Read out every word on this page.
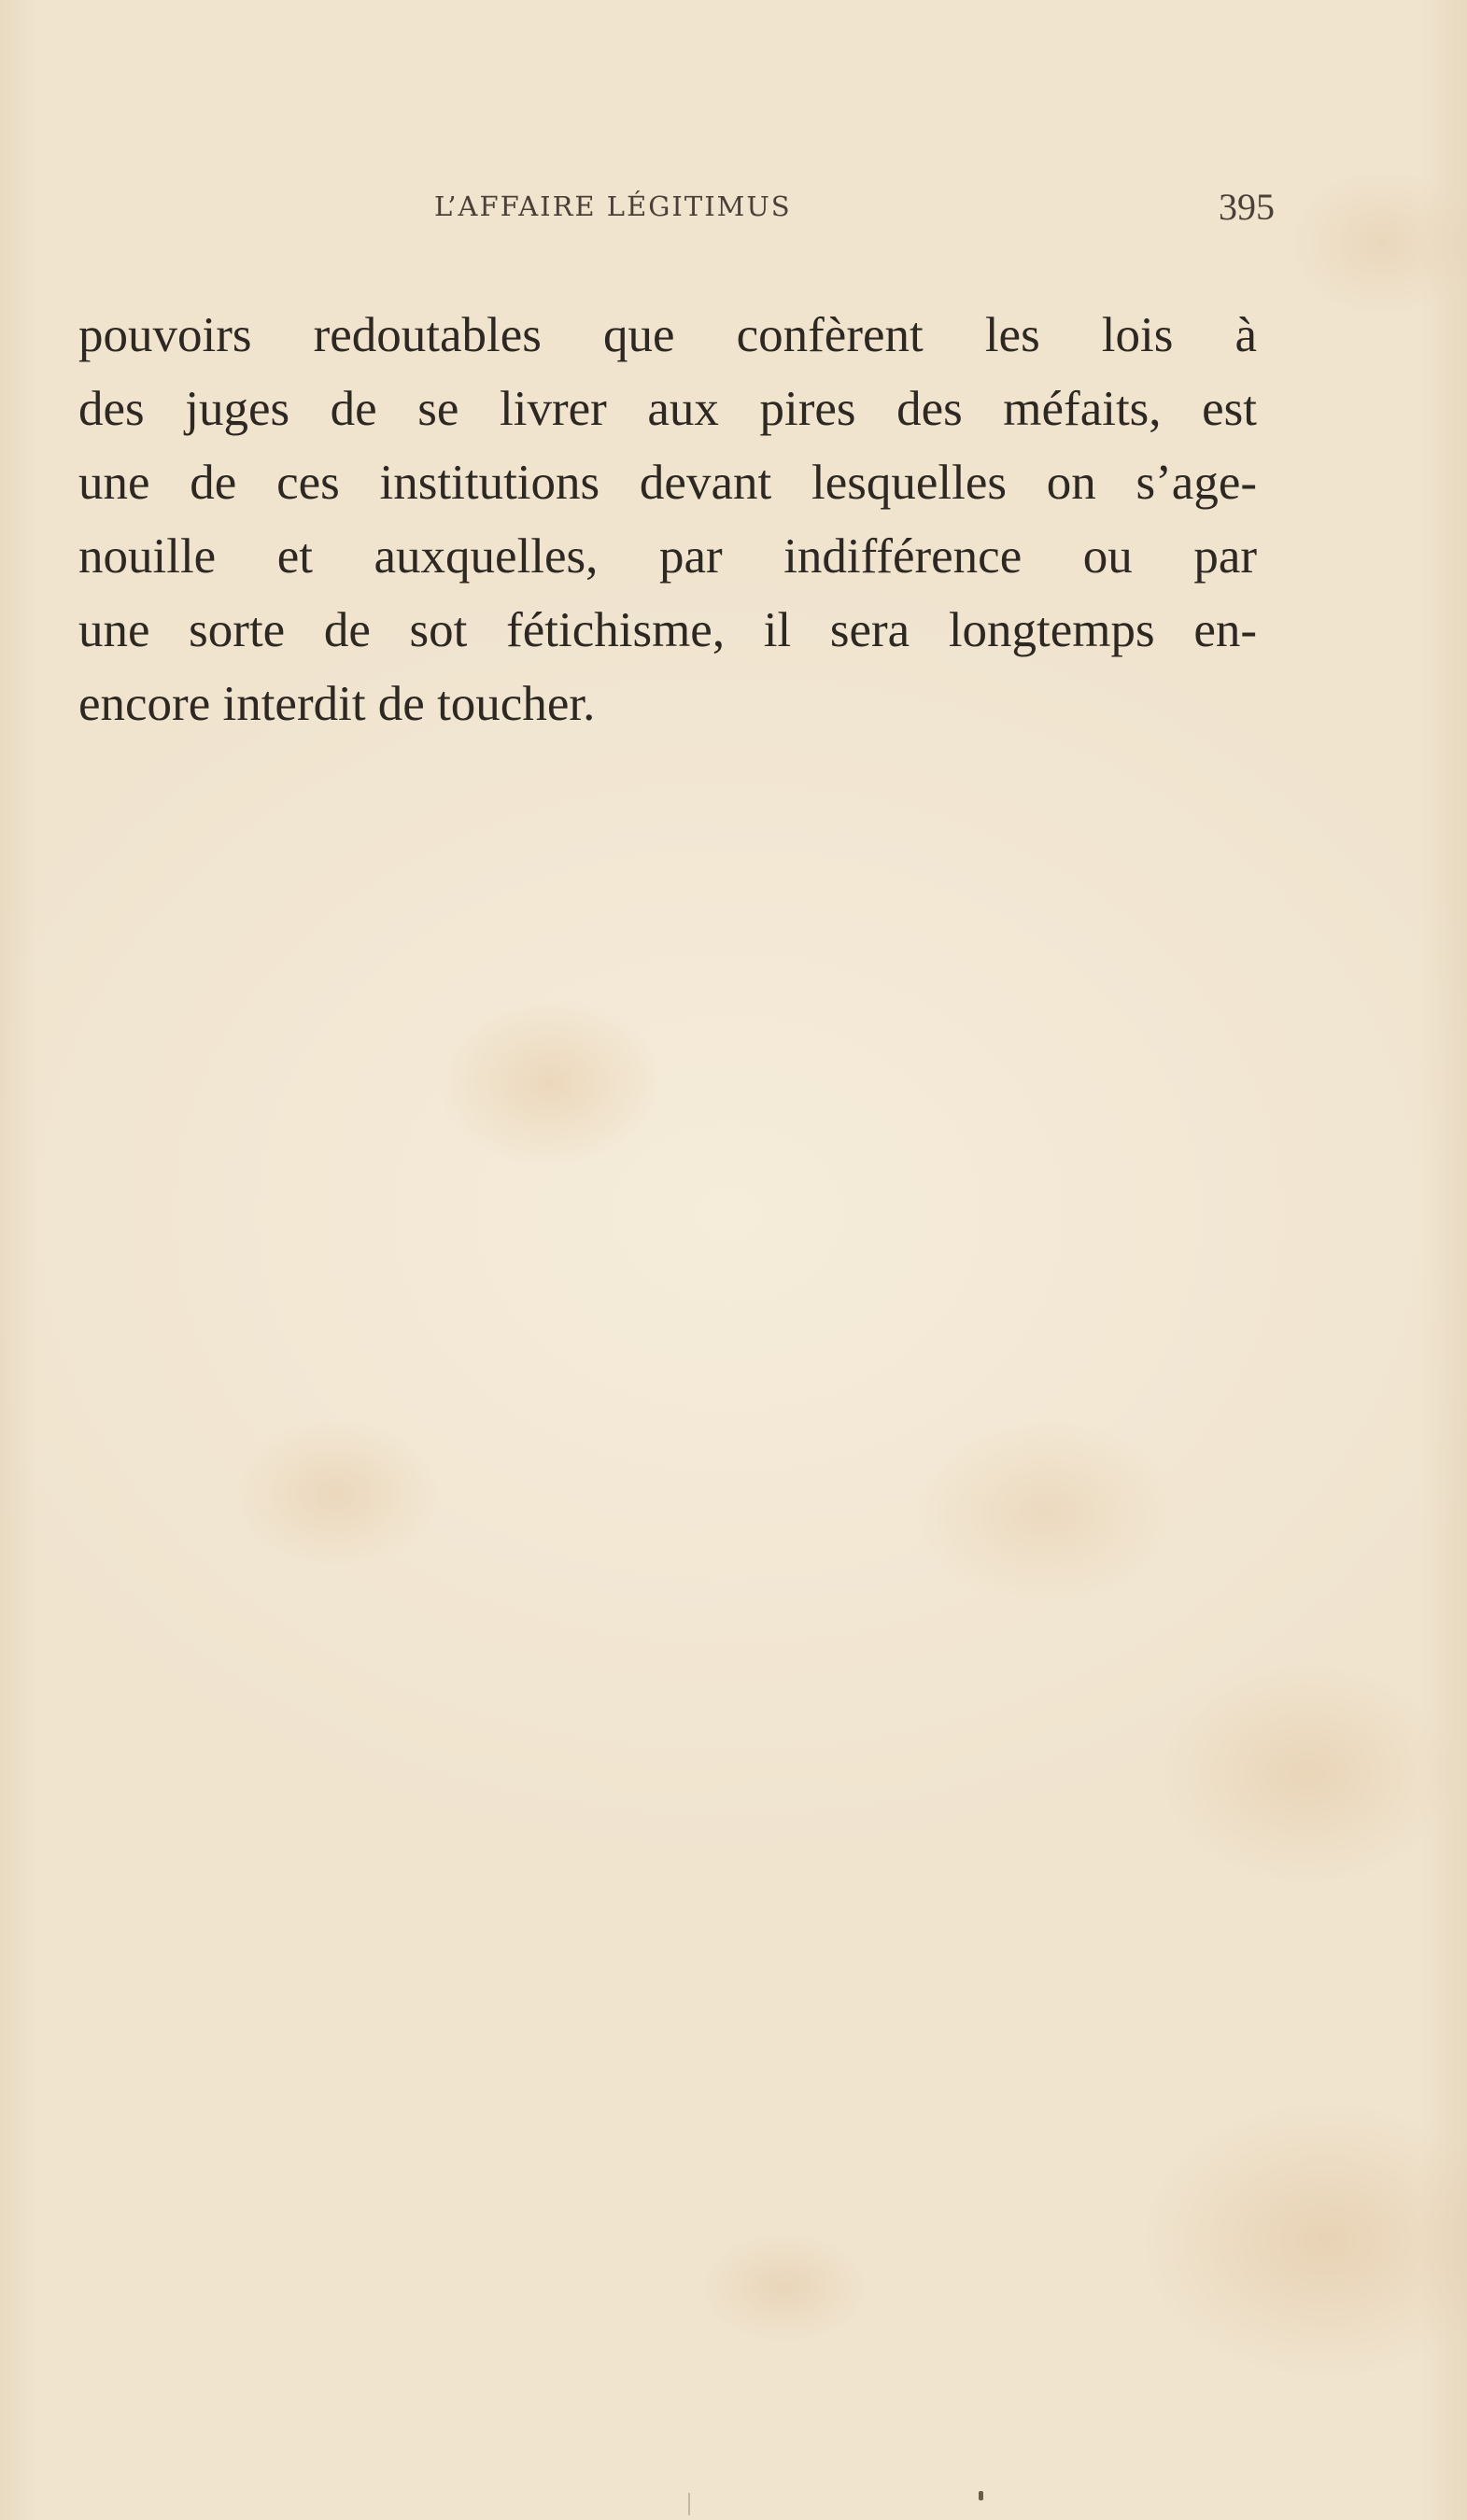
L’AFFAIRE LÉGITIMUS	395
pouvoirs redoutables que confèrent les lois à
des juges de se livrer aux pires des méfaits, est
une de ces institutions devant lesquelles on s’age-
nouille et auxquelles, par indifférence ou par
une sorte de sot fétichisme, il sera longtemps en-
encore interdit de toucher.
